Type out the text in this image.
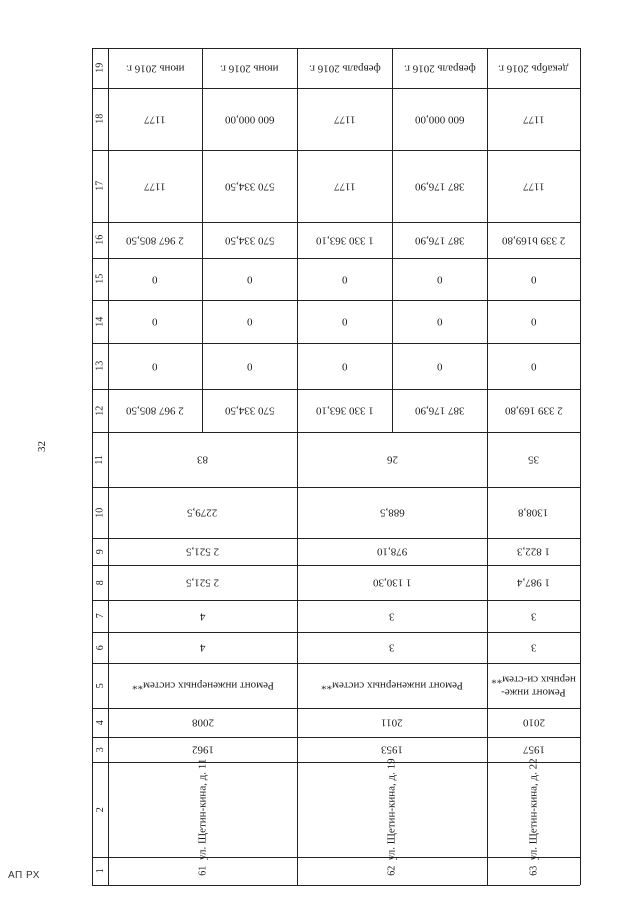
32
АП РХ	1
2
3
4
5
6
7
8
9
10
11
12
13
14
15
16
17
18
19
61
ул. Щетин-кина, д. 11
1962
2008
Ремонт инженерных систем**
4
4
2 521,5
2 521,5
2279,5
83
2 967 805,50
0
0
0
2 967 805,50
1177
1177
июнь 2016 г.
570 334,50
0
0
0
570 334,50
570 334,50
600 000,00
июнь 2016 г.
62
ул. Щетин-кина, д. 19
1953
2011
Ремонт инженерных систем**
3
3
1 130,30
978,10
688,5
26
1 330 363,10
0
0
0
1 330 363,10
1177
1177
февраль 2016 г.
387 176,90
0
0
0
387 176,90
387 176,90
600 000,00
февраль 2016 г.
63
ул. Щетин-кина, д. 22
1957
2010
Ремонт инже-нерных си-стем**
3
3
1 987,4
1 822,3
1308,8
35
2 339 169,80
0
0
0
2 339 b169,80
1177
1177
декабрь 2016 г.
